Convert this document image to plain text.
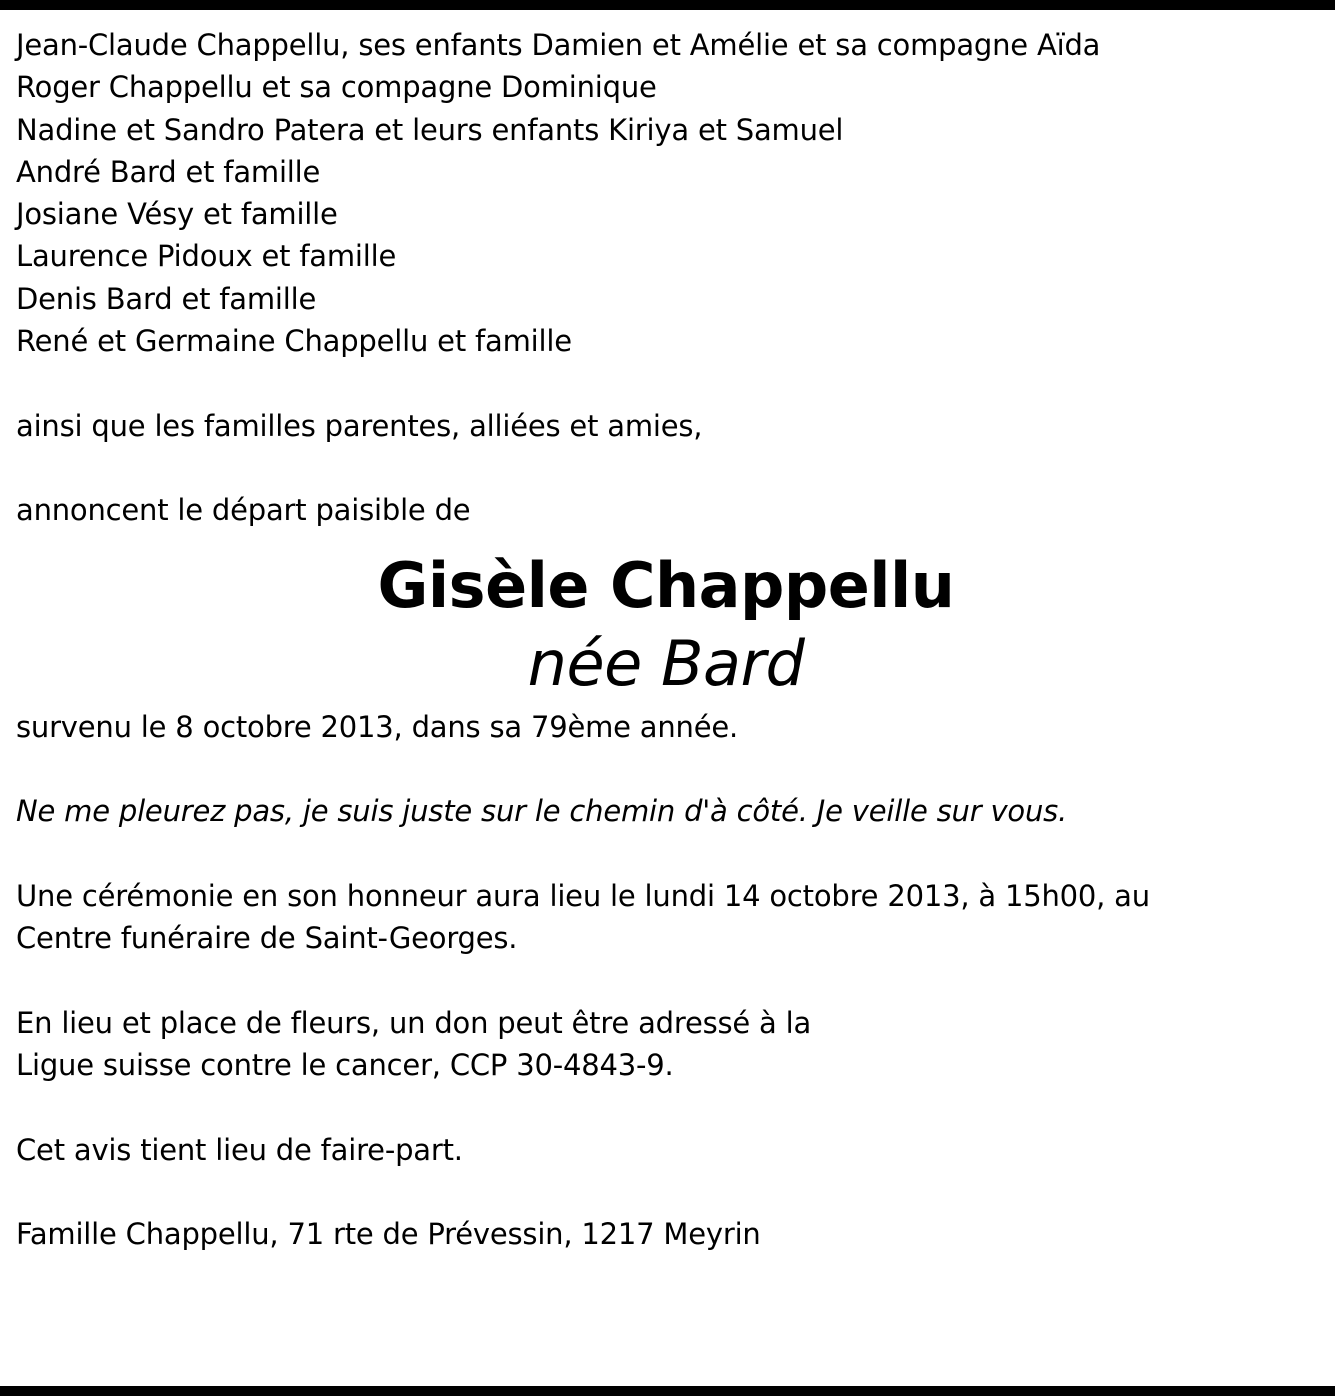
Jean-Claude Chappellu, ses enfants Damien et Amélie et sa compagne Aïda
Roger Chappellu et sa compagne Dominique
Nadine et Sandro Patera et leurs enfants Kiriya et Samuel
André Bard et famille
Josiane Vésy et famille
Laurence Pidoux et famille
Denis Bard et famille
René et Germaine Chappellu et famille
ainsi que les familles parentes, alliées et amies,
annoncent le départ paisible de
Gisèle Chappellu
née Bard
survenu le 8 octobre 2013, dans sa 79ème année.
Ne me pleurez pas, je suis juste sur le chemin d'à côté. Je veille sur vous.
Une cérémonie en son honneur aura lieu le lundi 14 octobre 2013, à 15h00, au
Centre funéraire de Saint-Georges.
En lieu et place de fleurs, un don peut être adressé à la
Ligue suisse contre le cancer, CCP 30-4843-9.
Cet avis tient lieu de faire-part.
Famille Chappellu, 71 rte de Prévessin, 1217 Meyrin
